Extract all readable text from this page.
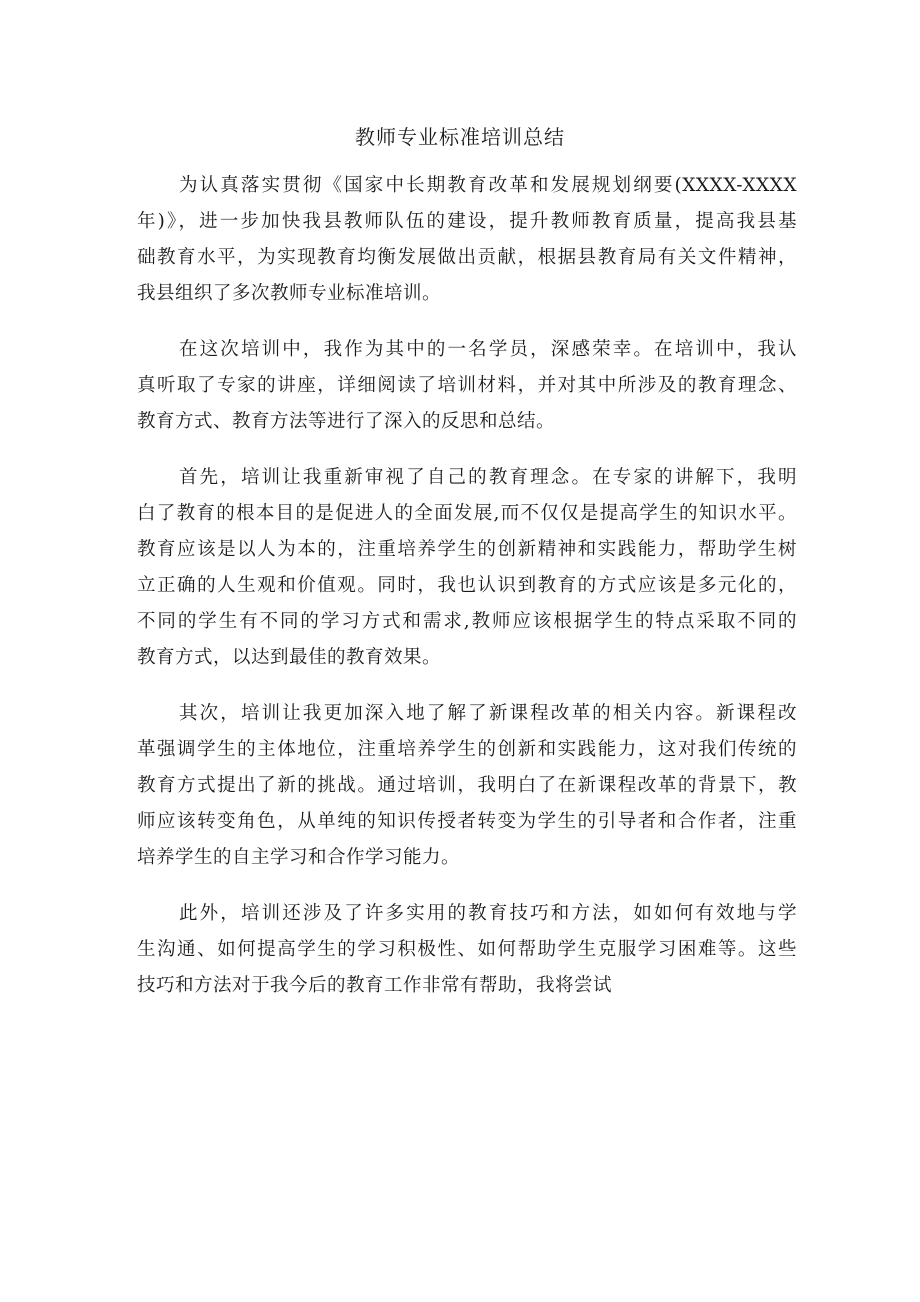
教师专业标准培训总结
为认真落实贯彻《国家中长期教育改革和发展规划纲要(XXXX-XXXX
年)》，进一步加快我县教师队伍的建设，提升教师教育质量，提高我县基
础教育水平，为实现教育均衡发展做出贡献，根据县教育局有关文件精神，
我县组织了多次教师专业标准培训。
在这次培训中，我作为其中的一名学员，深感荣幸。在培训中，我认
真听取了专家的讲座，详细阅读了培训材料，并对其中所涉及的教育理念、
教育方式、教育方法等进行了深入的反思和总结。
首先，培训让我重新审视了自己的教育理念。在专家的讲解下，我明
白了教育的根本目的是促进人的全面发展,而不仅仅是提高学生的知识水平。
教育应该是以人为本的，注重培养学生的创新精神和实践能力，帮助学生树
立正确的人生观和价值观。同时，我也认识到教育的方式应该是多元化的，
不同的学生有不同的学习方式和需求,教师应该根据学生的特点采取不同的
教育方式，以达到最佳的教育效果。
其次，培训让我更加深入地了解了新课程改革的相关内容。新课程改
革强调学生的主体地位，注重培养学生的创新和实践能力，这对我们传统的
教育方式提出了新的挑战。通过培训，我明白了在新课程改革的背景下，教
师应该转变角色，从单纯的知识传授者转变为学生的引导者和合作者，注重
培养学生的自主学习和合作学习能力。
此外，培训还涉及了许多实用的教育技巧和方法，如如何有效地与学
生沟通、如何提高学生的学习积极性、如何帮助学生克服学习困难等。这些
技巧和方法对于我今后的教育工作非常有帮助，我将尝试
